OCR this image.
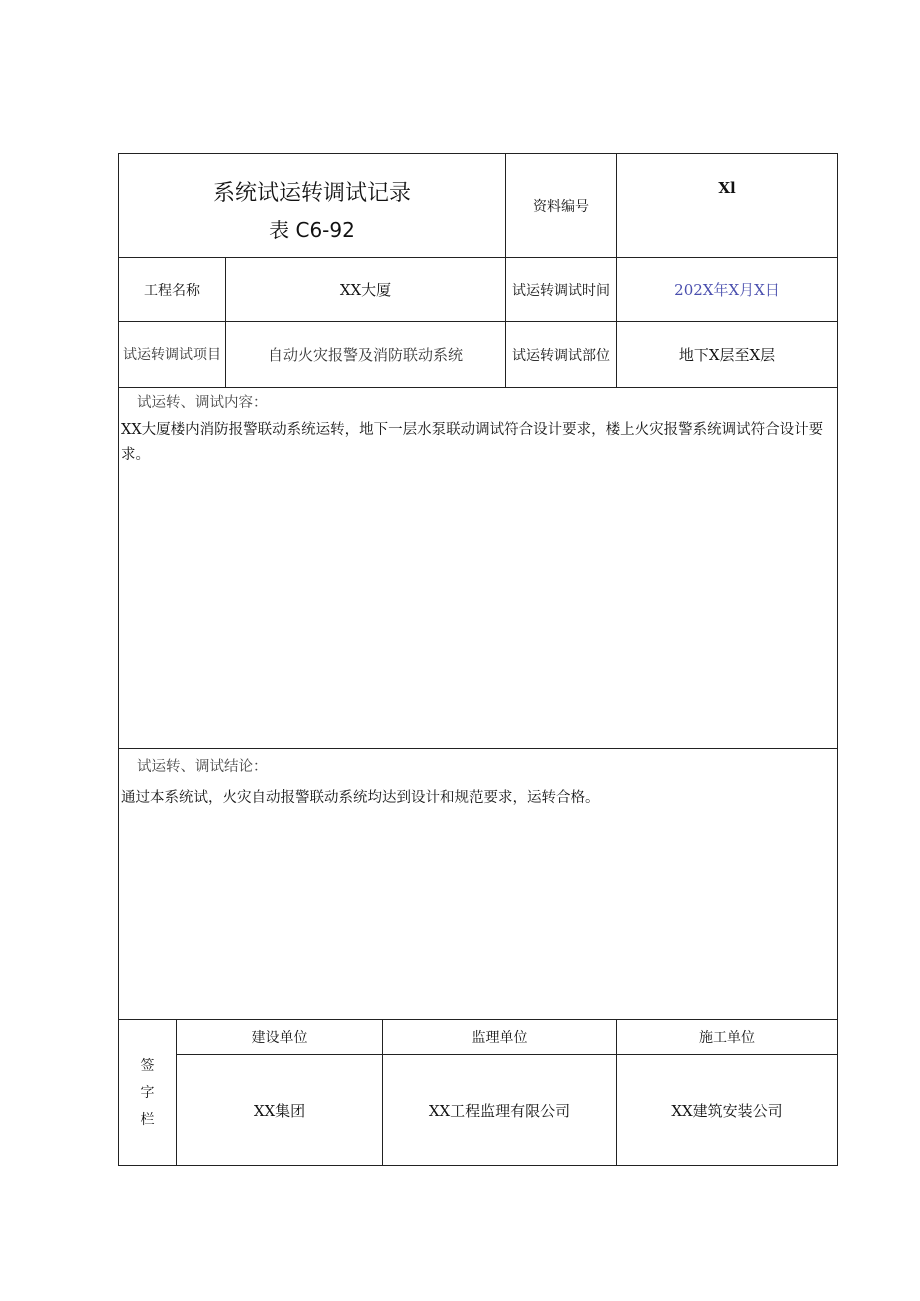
系统试运转调试记录
表 C6-92
资料编号
Xl
工程名称	XX大厦	试运转调试时间	202X年X月X日
试运转调试项目	自动火灾报警及消防联动系统	试运转调试部位	地下X层至X层
试运转、调试内容：
XX大厦楼内消防报警联动系统运转，地下一层水泵联动调试符合设计要求，楼上火灾报警系统调试符合设计要求。
试运转、调试结论：
通过本系统试，火灾自动报警联动系统均达到设计和规范要求，运转合格。
签
字
栏
建设单位	监理单位	施工单位
XX集团	XX工程监理有限公司	XX建筑安装公司
